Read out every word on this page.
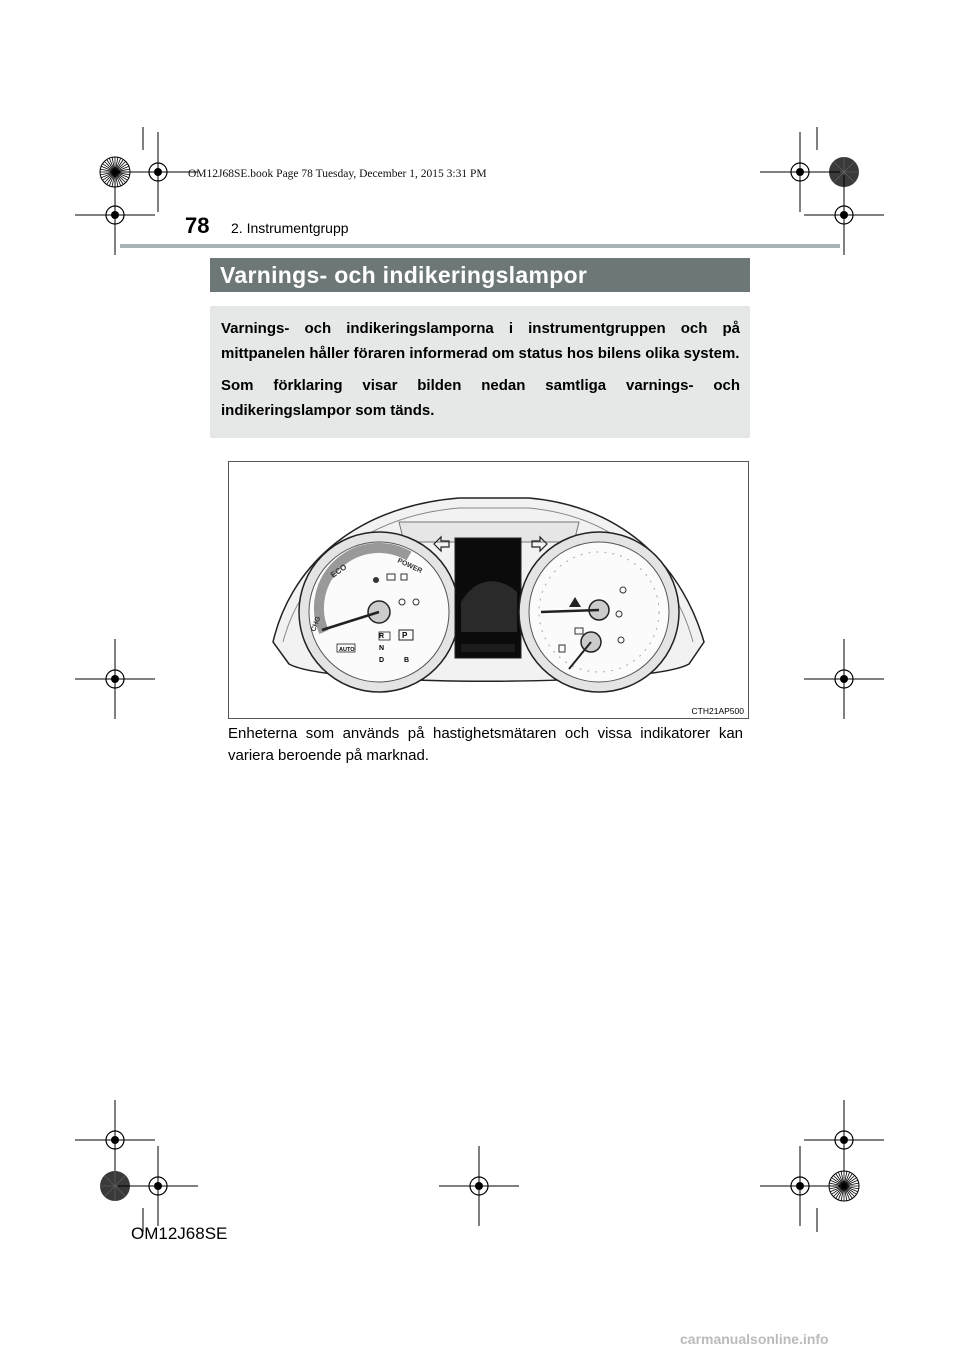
OM12J68SE.book Page 78 Tuesday, December 1, 2015 3:31 PM
78 2. Instrumentgrupp
Varnings- och indikeringslampor

Varnings- och indikeringslamporna i instrumentgruppen och på mittpanelen håller föraren informerad om status hos bilens olika system.

Som förklaring visar bilden nedan samtliga varnings- och indikeringslampor som tänds.

ECO	POWER
CHG
P
R
N
D	B
AUTO
CTH21AP500
Enheterna som används på hastighetsmätaren och vissa indikatorer kan variera beroende på marknad.
OM12J68SE
carmanualsonline.info
